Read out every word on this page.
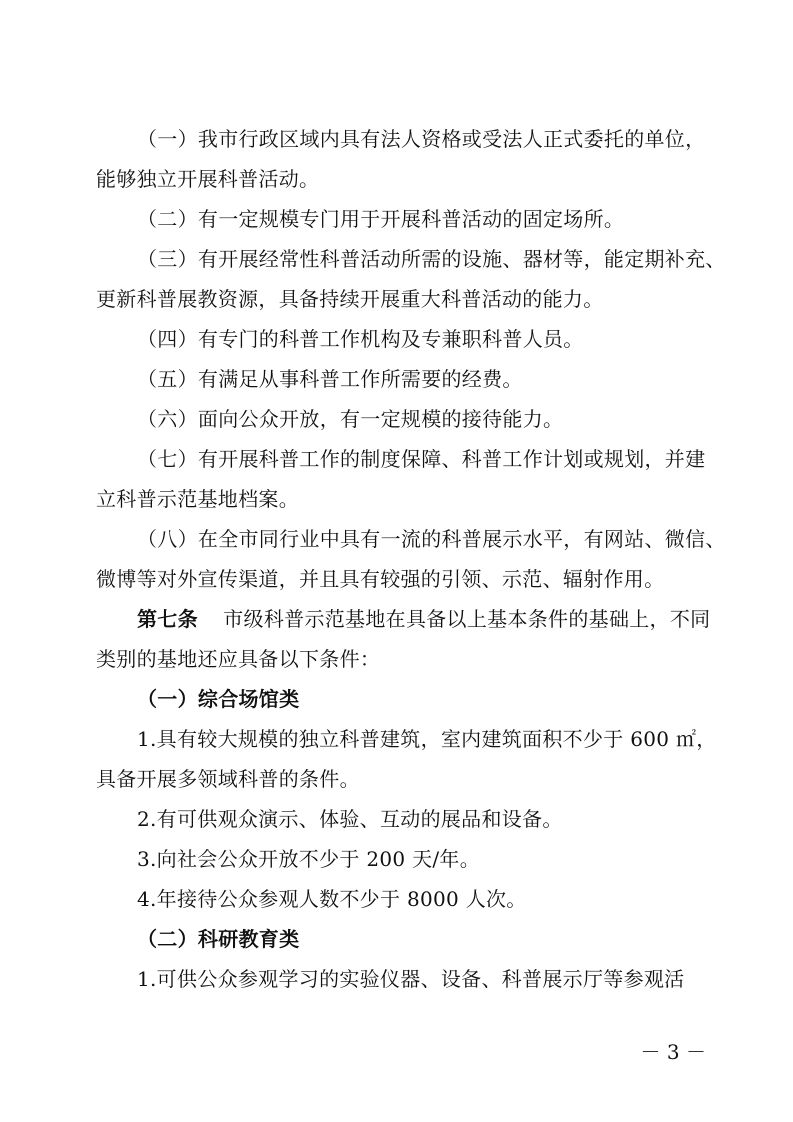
（一）我市行政区域内具有法人资格或受法人正式委托的单位，
能够独立开展科普活动。
（二）有一定规模专门用于开展科普活动的固定场所。
（三）有开展经常性科普活动所需的设施、器材等，能定期补充、
更新科普展教资源，具备持续开展重大科普活动的能力。
（四）有专门的科普工作机构及专兼职科普人员。
（五）有满足从事科普工作所需要的经费。
（六）面向公众开放，有一定规模的接待能力。
（七）有开展科普工作的制度保障、科普工作计划或规划，并建
立科普示范基地档案。
（八）在全市同行业中具有一流的科普展示水平，有网站、微信、
微博等对外宣传渠道，并且具有较强的引领、示范、辐射作用。
第七条 市级科普示范基地在具备以上基本条件的基础上，不同
类别的基地还应具备以下条件：
（一）综合场馆类
1.具有较大规模的独立科普建筑，室内建筑面积不少于 600 ㎡，
具备开展多领域科普的条件。
2.有可供观众演示、体验、互动的展品和设备。
3.向社会公众开放不少于 200 天/年。
4.年接待公众参观人数不少于 8000 人次。
（二）科研教育类
1.可供公众参观学习的实验仪器、设备、科普展示厅等参观活
－ 3 －
